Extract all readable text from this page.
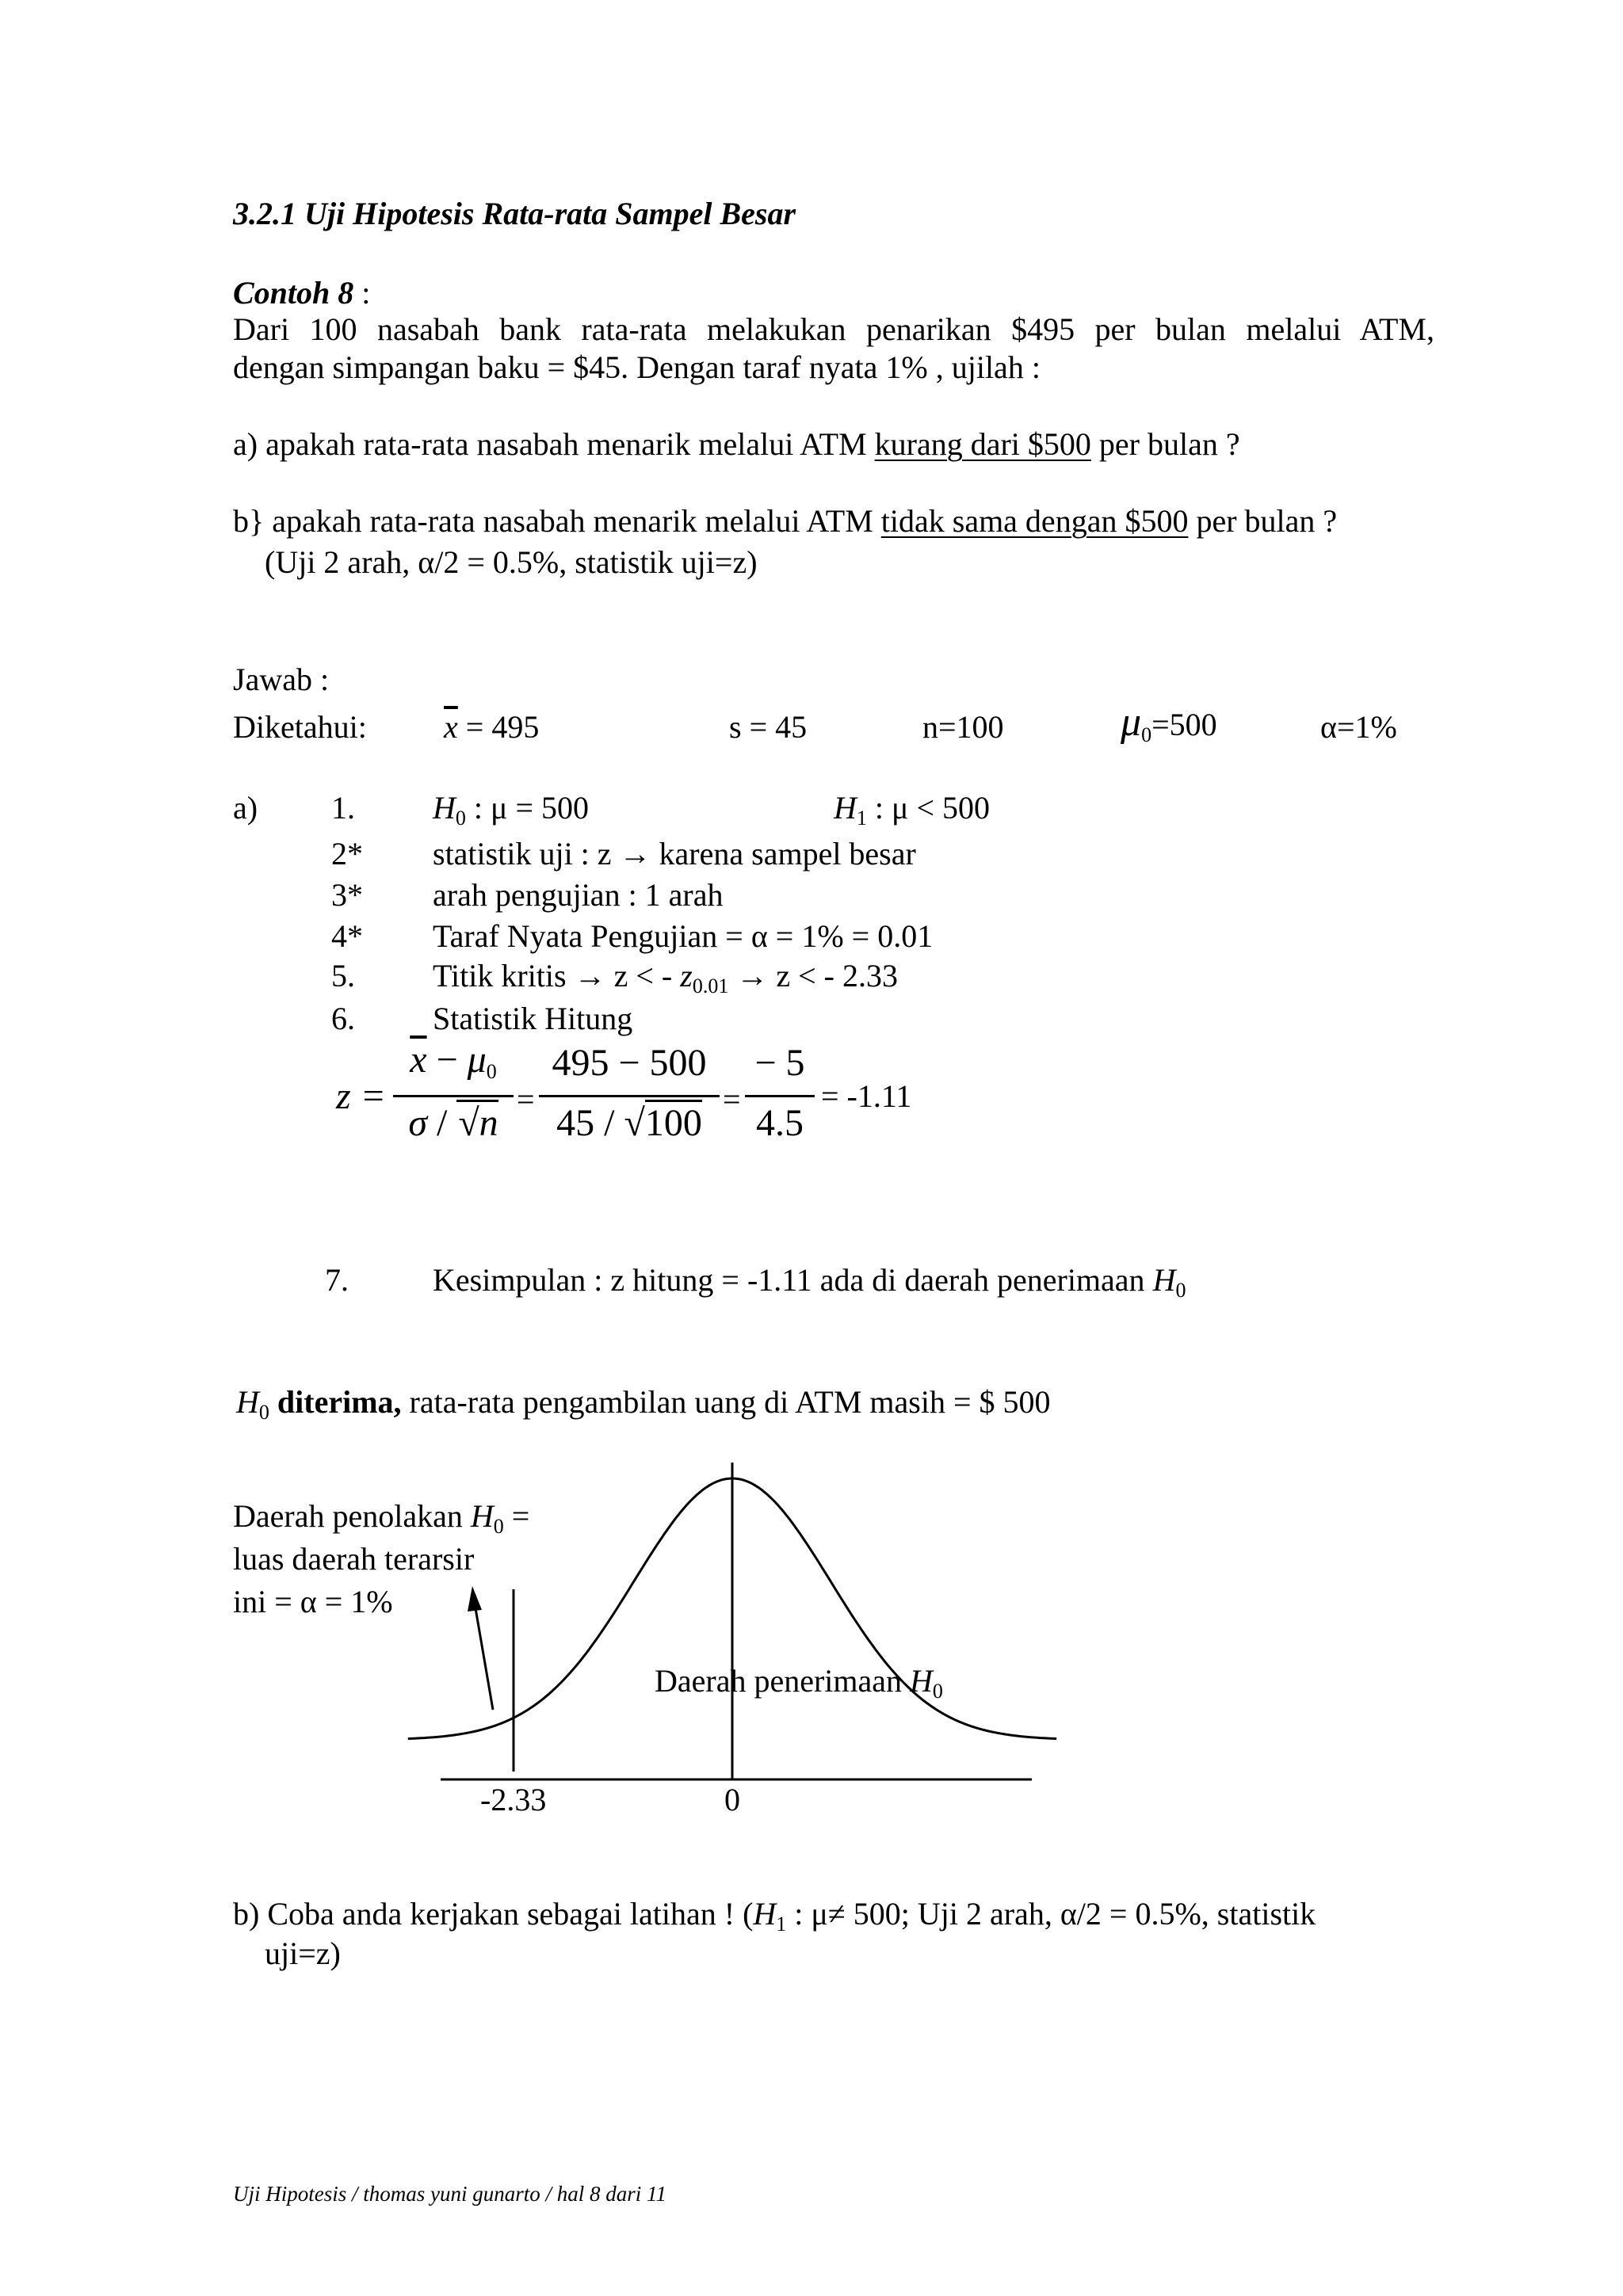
3.2.1 Uji Hipotesis Rata-rata Sampel Besar
Contoh 8 :
Dari 100 nasabah bank rata-rata melakukan penarikan $495 per bulan melalui ATM,
dengan simpangan baku = $45. Dengan taraf nyata 1% , ujilah :
a) apakah rata-rata nasabah menarik melalui ATM kurang dari $500 per bulan ?
b} apakah rata-rata nasabah menarik melalui ATM tidak sama dengan $500 per bulan ?
(Uji 2 arah, α/2 = 0.5%, statistik uji=z)
Jawab :
Diketahui: $\overline{x} = 495$	s = 45	n=100	$\mu_0=500$	α=1%
a) 1. $H_0$ : μ = 500	$H_1$ : μ < 500
2* statistik uji : z → karena sampel besar
3* arah pengujian : 1 arah
4* Taraf Nyata Pengujian = α = 1% = 0.01
5. Titik kritis → z < - $z_{0.01} \to z$ < - 2.33
6. Statistik Hitung
z =
$\overline{x} - \mu_0$
σ / √n
=
495 − 500
45 / √100
=
− 5
4.5
= -1.11
7.	Kesimpulan : z hitung = -1.11 ada di daerah penerimaan $H_0$
$H_0$ diterima, rata-rata pengambilan uang di ATM masih = $ 500
Daerah penolakan $H_0$ =
luas daerah terarsir
ini = α = 1%
Daerah penerimaan $H_0$
-2.33	0
b) Coba anda kerjakan sebagai latihan ! ($H_1$ : μ≠ 500; Uji 2 arah, α/2 = 0.5%, statistik
uji=z)
Uji Hipotesis / thomas yuni gunarto / hal 8 dari 11
